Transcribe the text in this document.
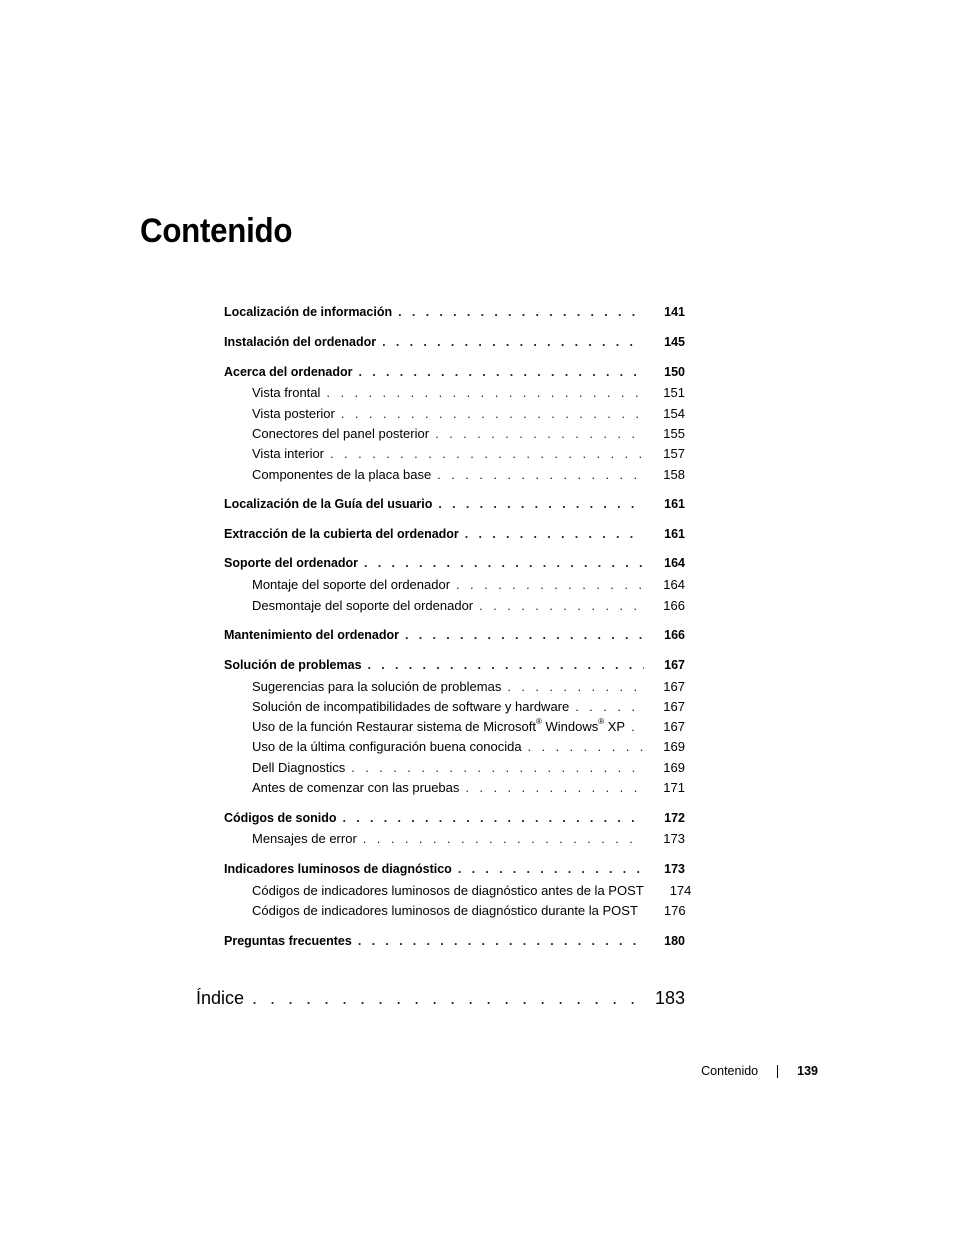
Contenido
Localización de información . . .	141
Instalación del ordenador . . .	145
Acerca del ordenador . . .	150
Vista frontal . . .	151
Vista posterior . . .	154
Conectores del panel posterior . . .	155
Vista interior . . .	157
Componentes de la placa base . . .	158
Localización de la Guía del usuario . . .	161
Extracción de la cubierta del ordenador . . .	161
Soporte del ordenador . . .	164
Montaje del soporte del ordenador . . .	164
Desmontaje del soporte del ordenador . . .	166
Mantenimiento del ordenador . . .	166
Solución de problemas . . .	167
Sugerencias para la solución de problemas . . .	167
Solución de incompatibilidades de software y hardware . . .	167
Uso de la función Restaurar sistema de Microsoft® Windows® XP . . .	167
Uso de la última configuración buena conocida . . .	169
Dell Diagnostics . . .	169
Antes de comenzar con las pruebas . . .	171
Códigos de sonido . . .	172
Mensajes de error . . .	173
Indicadores luminosos de diagnóstico . . .	173
Códigos de indicadores luminosos de diagnóstico antes de la POST 174
Códigos de indicadores luminosos de diagnóstico durante la POST 176
Preguntas frecuentes . . .	180
Índice . . .	183
Contenido	139
